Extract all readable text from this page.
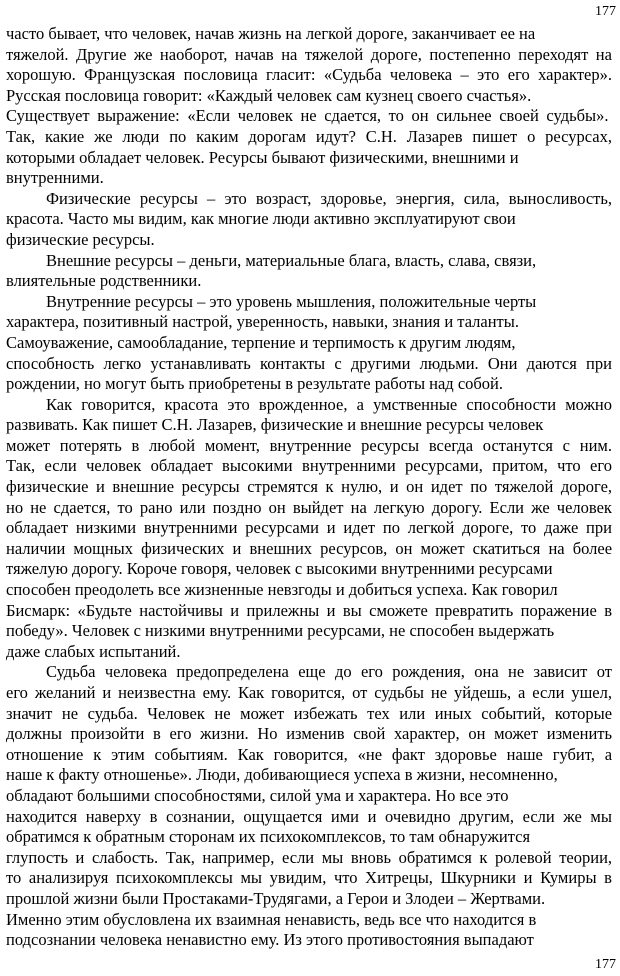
177
часто бывает, что человек, начав жизнь на легкой дороге, заканчивает ее на
тяжелой. Другие же наоборот, начав на тяжелой дороге, постепенно переходят на
хорошую. Французская пословица гласит: «Судьба человека – это его характер».
Русская пословица говорит: «Каждый человек сам кузнец своего счастья».
Существует выражение: «Если человек не сдается, то он сильнее своей судьбы».
Так, какие же люди по каким дорогам идут? С.Н. Лазарев пишет о ресурсах,
которыми обладает человек. Ресурсы бывают физическими, внешними и
внутренними.
Физические ресурсы – это возраст, здоровье, энергия, сила, выносливость,
красота. Часто мы видим, как многие люди активно эксплуатируют свои
физические ресурсы.
Внешние ресурсы – деньги, материальные блага, власть, слава, связи,
влиятельные родственники.
Внутренние ресурсы – это уровень мышления, положительные черты
характера, позитивный настрой, уверенность, навыки, знания и таланты.
Самоуважение, самообладание, терпение и терпимость к другим людям,
способность легко устанавливать контакты с другими людьми. Они даются при
рождении, но могут быть приобретены в результате работы над собой.
Как говорится, красота это врожденное, а умственные способности можно
развивать. Как пишет С.Н. Лазарев, физические и внешние ресурсы человек
может потерять в любой момент, внутренние ресурсы всегда останутся с ним.
Так, если человек обладает высокими внутренними ресурсами, притом, что его
физические и внешние ресурсы стремятся к нулю, и он идет по тяжелой дороге,
но не сдается, то рано или поздно он выйдет на легкую дорогу. Если же человек
обладает низкими внутренними ресурсами и идет по легкой дороге, то даже при
наличии мощных физических и внешних ресурсов, он может скатиться на более
тяжелую дорогу. Короче говоря, человек с высокими внутренними ресурсами
способен преодолеть все жизненные невзгоды и добиться успеха. Как говорил
Бисмарк: «Будьте настойчивы и прилежны и вы сможете превратить поражение в
победу». Человек с низкими внутренними ресурсами, не способен выдержать
даже слабых испытаний.
Судьба человека предопределена еще до его рождения, она не зависит от
его желаний и неизвестна ему. Как говорится, от судьбы не уйдешь, а если ушел,
значит не судьба. Человек не может избежать тех или иных событий, которые
должны произойти в его жизни. Но изменив свой характер, он может изменить
отношение к этим событиям. Как говорится, «не факт здоровье наше губит, а
наше к факту отношенье». Люди, добивающиеся успеха в жизни, несомненно,
обладают большими способностями, силой ума и характера. Но все это
находится наверху в сознании, ощущается ими и очевидно другим, если же мы
обратимся к обратным сторонам их психокомплексов, то там обнаружится
глупость и слабость. Так, например, если мы вновь обратимся к ролевой теории,
то анализируя психокомплексы мы увидим, что Хитрецы, Шкурники и Кумиры в
прошлой жизни были Простаками-Трудягами, а Герои и Злодеи – Жертвами.
Именно этим обусловлена их взаимная ненависть, ведь все что находится в
подсознании человека ненавистно ему. Из этого противостояния выпадают
177
